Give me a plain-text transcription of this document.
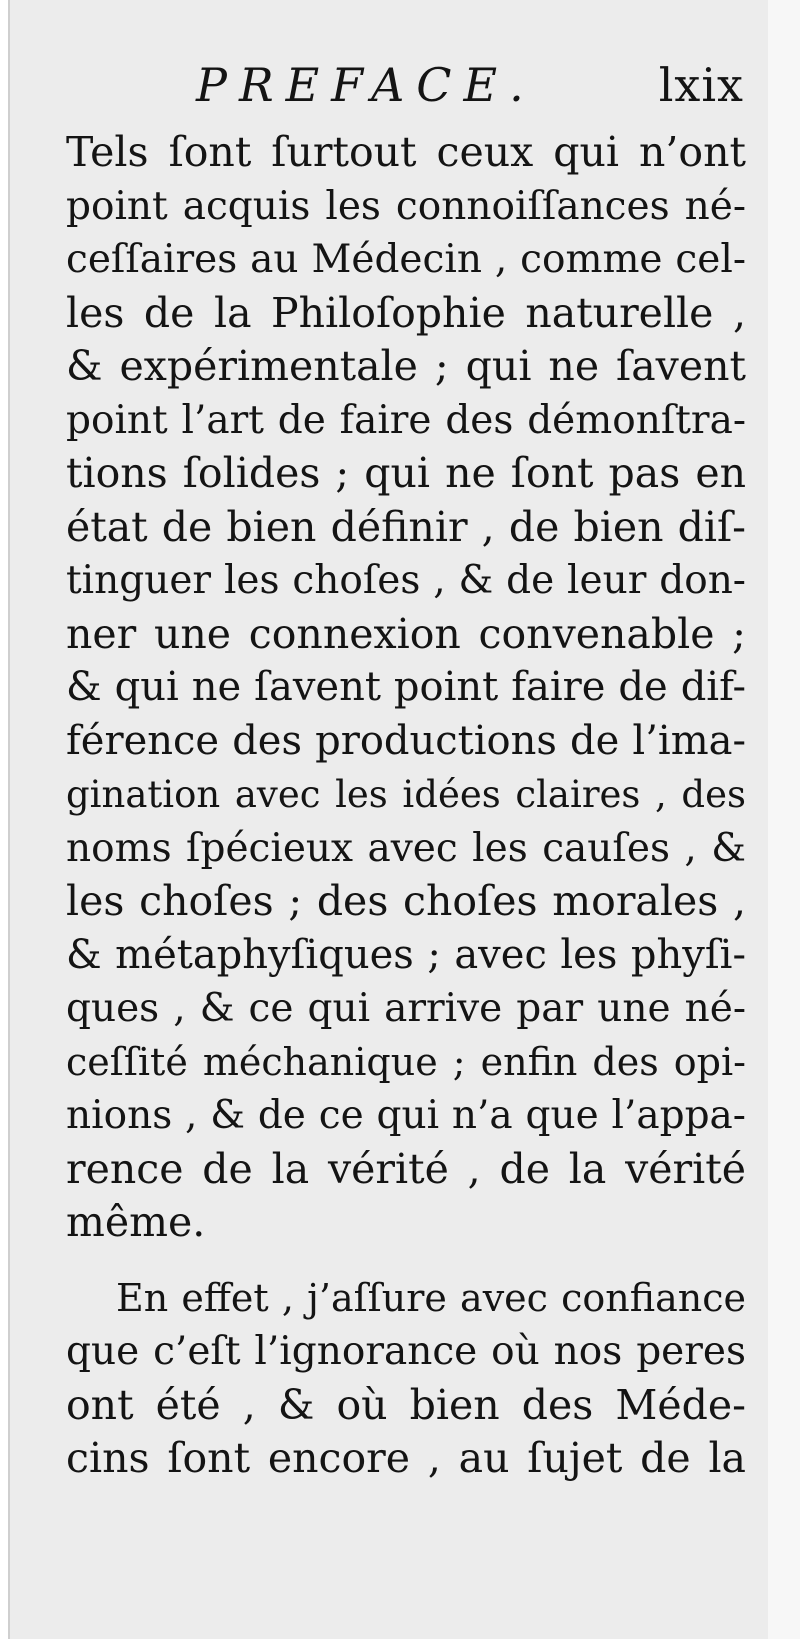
PREFACE.	lxix
Tels ſont ſurtout ceux qui n’ont
point acquis les connoiſſances né-
ceſſaires au Médecin , comme cel-
les de la Philoſophie naturelle ,
& expérimentale ; qui ne ſavent
point l’art de faire des démonſtra-
tions ſolides ; qui ne ſont pas en
état de bien définir , de bien diſ-
tinguer les choſes , & de leur don-
ner une connexion convenable ;
& qui ne ſavent point faire de dif-
férence des productions de l’ima-
gination avec les idées claires , des
noms ſpécieux avec les cauſes , &
les choſes ; des choſes morales ,
& métaphyſiques ; avec les phyſi-
ques , & ce qui arrive par une né-
ceſſité méchanique ; enfin des opi-
nions , & de ce qui n’a que l’appa-
rence de la vérité , de la vérité
même.
En effet , j’aſſure avec confiance
que c’eſt l’ignorance où nos peres
ont été , & où bien des Méde-
cins ſont encore , au ſujet de la
